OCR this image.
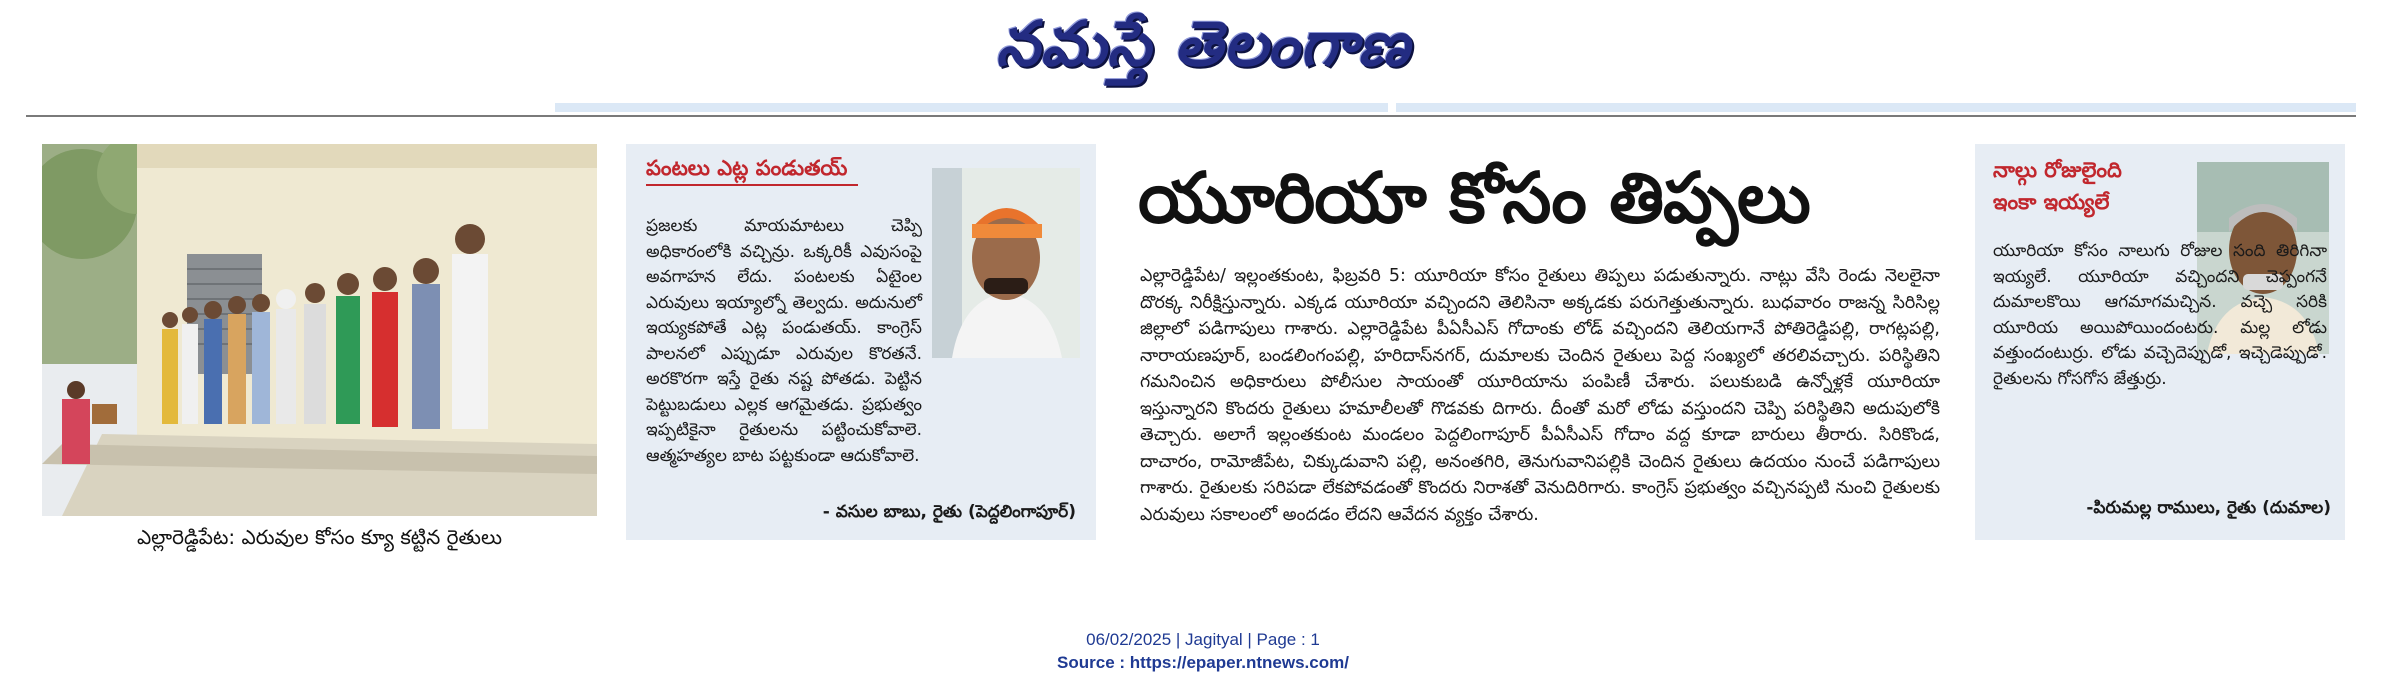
నమస్తే తెలంగాణ
ఎల్లారెడ్డిపేట: ఎరువుల కోసం క్యూ కట్టిన రైతులు
పంటలు ఎట్ల పండుతయ్
ప్రజలకు మాయమాటలు చెప్పి అధికారంలోకి వచ్చిన్రు. ఒక్కరికీ ఎవుసంపై అవగాహన లేదు. పంటలకు ఏటైంల ఎరువులు ఇయ్యాల్నో తెల్వదు. అదునులో ఇయ్యకపోతే ఎట్ల పండుతయ్. కాంగ్రెస్ పాలనలో ఎప్పుడూ ఎరువుల కొరతనే. అరకొరగా ఇస్తే రైతు నష్ట పోతడు. పెట్టిన పెట్టుబడులు ఎల్లక ఆగమైతడు. ప్రభుత్వం ఇప్పటికైనా రైతులను పట్టించుకోవాలె. ఆత్మహత్యల బాట పట్టకుండా ఆదుకోవాలె.
- వసుల బాబు, రైతు (పెద్దలింగాపూర్)
యూరియా కోసం తిప్పలు
ఎల్లారెడ్డిపేట/ ఇల్లంతకుంట, ఫిబ్రవరి 5: యూరియా కోసం రైతులు తిప్పలు పడుతున్నారు. నాట్లు వేసి రెండు నెలలైనా దొరక్క నిరీక్షిస్తున్నారు. ఎక్కడ యూరియా వచ్చిందని తెలిసినా అక్కడకు పరుగెత్తుతున్నారు. బుధవారం రాజన్న సిరిసిల్ల జిల్లాలో పడిగాపులు గాశారు. ఎల్లారెడ్డిపేట పీఏసీఎస్ గోదాంకు లోడ్ వచ్చిందని తెలియగానే పోతిరెడ్డిపల్లి, రాగట్లపల్లి, నారాయణపూర్, బండలింగంపల్లి, హరిదాస్‌నగర్, దుమాలకు చెందిన రైతులు పెద్ద సంఖ్యలో తరలివచ్చారు. పరిస్థితిని గమనించిన అధికారులు పోలీసుల సాయంతో యూరియాను పంపిణీ చేశారు. పలుకుబడి ఉన్నోళ్లకే యూరియా ఇస్తున్నారని కొందరు రైతులు హమాలీలతో గొడవకు దిగారు. దీంతో మరో లోడు వస్తుందని చెప్పి పరిస్థితిని అదుపులోకి తెచ్చారు. అలాగే ఇల్లంతకుంట మండలం పెద్దలింగాపూర్ పీఏసీఎస్ గోదాం వద్ద కూడా బారులు తీరారు. సిరికొండ, దాచారం, రామోజీపేట, చిక్కుడువాని పల్లి, అనంతగిరి, తెనుగువానిపల్లికి చెందిన రైతులు ఉదయం నుంచే పడిగాపులు గాశారు. రైతులకు సరిపడా లేకపోవడంతో కొందరు నిరాశతో వెనుదిరిగారు. కాంగ్రెస్ ప్రభుత్వం వచ్చినప్పటి నుంచి రైతులకు ఎరువులు సకాలంలో అందడం లేదని ఆవేదన వ్యక్తం చేశారు.
నాల్గు రోజులైంది
ఇంకా ఇయ్యలే
యూరియా కోసం నాలుగు రోజుల సంది తిరిగినా ఇయ్యలే. యూరియా వచ్చిందని చెప్పంగనే దుమాలకొయి ఆగమాగమచ్చిన. వచ్చె సరికి యూరియ అయిపోయిందంటరు. మల్ల లోడు వత్తుందంటుర్రు. లోడు వచ్చెదెప్పుడో, ఇచ్చెడెప్పుడో. రైతులను గోసగోస జేత్తుర్రు.
-పిరుమల్ల రాములు, రైతు (దుమాల)
06/02/2025 | Jagityal | Page : 1
Source : https://epaper.ntnews.com/
